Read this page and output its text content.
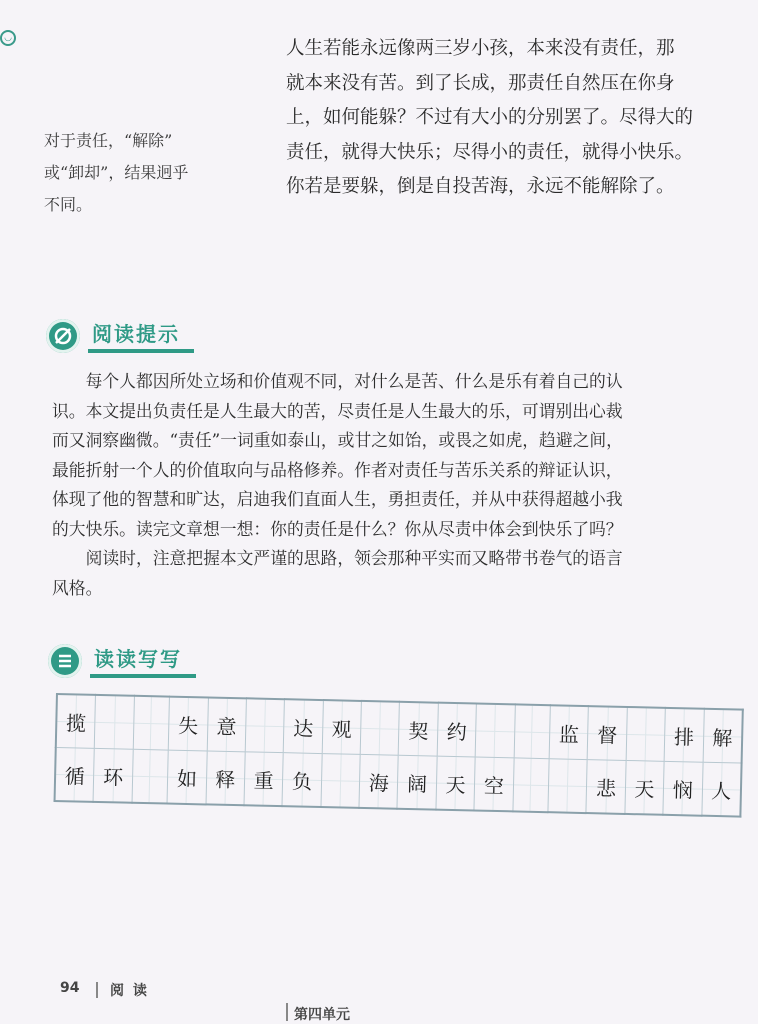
◡
对于责任，“解除”
或“卸却”，结果迥乎
不同。
人生若能永远像两三岁小孩，本来没有责任，那
就本来没有苦。到了长成，那责任自然压在你身
上，如何能躲？不过有大小的分别罢了。尽得大的
责任，就得大快乐；尽得小的责任，就得小快乐。
你若是要躲，倒是自投苦海，永远不能解除了。
阅读提示
每个人都因所处立场和价值观不同，对什么是苦、什么是乐有着自己的认
识。本文提出负责任是人生最大的苦，尽责任是人生最大的乐，可谓别出心裁
而又洞察幽微。“责任”一词重如泰山，或甘之如饴，或畏之如虎，趋避之间，
最能折射一个人的价值取向与品格修养。作者对责任与苦乐关系的辩证认识，
体现了他的智慧和旷达，启迪我们直面人生，勇担责任，并从中获得超越小我
的大快乐。读完文章想一想：你的责任是什么？你从尽责中体会到快乐了吗？
阅读时，注意把握本文严谨的思路，领会那种平实而又略带书卷气的语言
风格。
读读写写
揽			失	意		达	观		契	约			监	督		排	解
循	环		如	释	重	负		海	阔	天	空			悲	天	悯	人
94 阅 读
第四单元
